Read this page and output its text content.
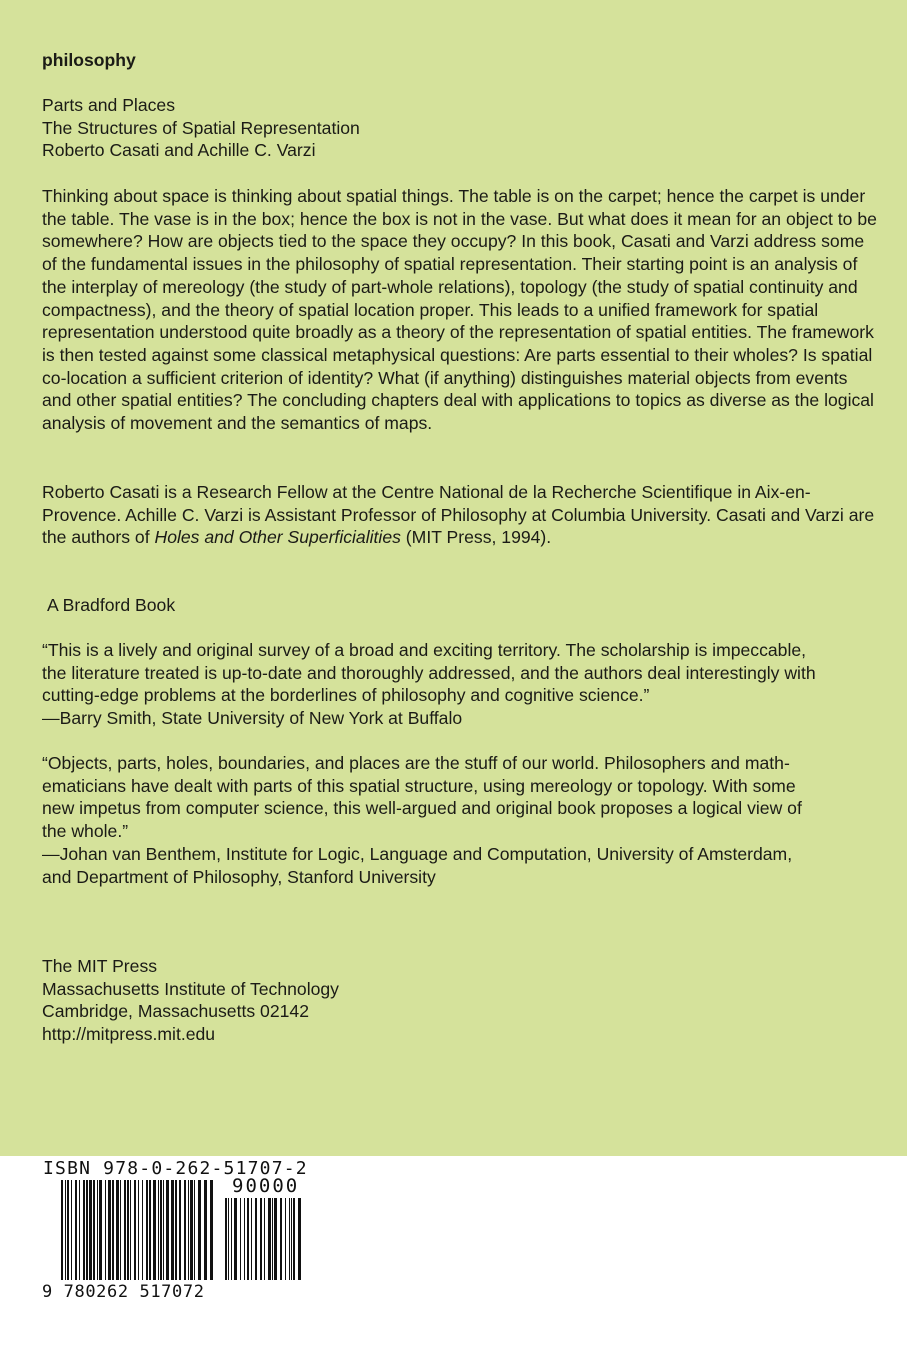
philosophy
Parts and Places
The Structures of Spatial Representation
Roberto Casati and Achille C. Varzi
Thinking about space is thinking about spatial things. The table is on the carpet; hence the carpet is under the table. The vase is in the box; hence the box is not in the vase. But what does it mean for an object to be somewhere? How are objects tied to the space they occupy? In this book, Casati and Varzi address some of the fundamental issues in the philosophy of spatial representation. Their starting point is an analysis of the interplay of mereology (the study of part-whole relations), topology (the study of spatial continuity and compactness), and the theory of spatial location proper. This leads to a unified framework for spatial representation understood quite broadly as a theory of the representation of spatial entities. The framework is then tested against some classical metaphysical questions: Are parts essential to their wholes? Is spatial co-location a sufficient criterion of identity? What (if anything) distinguishes material objects from events and other spatial entities? The concluding chapters deal with applications to topics as diverse as the logical analysis of movement and the semantics of maps.
Roberto Casati is a Research Fellow at the Centre National de la Recherche Scientifique in Aix-en-Provence. Achille C. Varzi is Assistant Professor of Philosophy at Columbia University. Casati and Varzi are the authors of Holes and Other Superficialities (MIT Press, 1994).
A Bradford Book
“This is a lively and original survey of a broad and exciting territory. The scholarship is impeccable,
the literature treated is up-to-date and thoroughly addressed, and the authors deal interestingly with
cutting-edge problems at the borderlines of philosophy and cognitive science.”
—Barry Smith, State University of New York at Buffalo
“Objects, parts, holes, boundaries, and places are the stuff of our world. Philosophers and math-
ematicians have dealt with parts of this spatial structure, using mereology or topology. With some
new impetus from computer science, this well-argued and original book proposes a logical view of
the whole.”
—Johan van Benthem, Institute for Logic, Language and Computation, University of Amsterdam,
and Department of Philosophy, Stanford University
The MIT Press
Massachusetts Institute of Technology
Cambridge, Massachusetts 02142
http://mitpress.mit.edu
ISBN 978-0-262-51707-2
90000
9 780262 517072
